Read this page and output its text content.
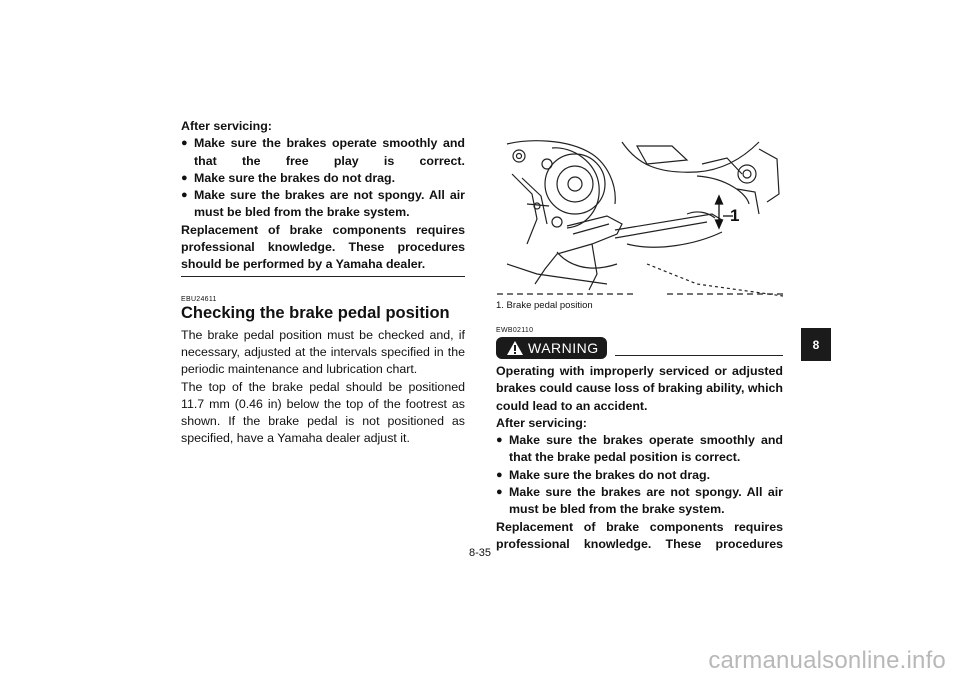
After servicing:

● Make sure the brakes operate smoothly and that the free play is correct.

● Make sure the brakes do not drag.

● Make sure the brakes are not spongy. All air must be bled from the brake system.

Replacement of brake components requires professional knowledge. These procedures should be performed by a Yamaha dealer.

EBU24611

Checking the brake pedal position

The brake pedal position must be checked and, if necessary, adjusted at the intervals specified in the periodic maintenance and lubrication chart.

The top of the brake pedal should be positioned 11.7 mm (0.46 in) below the top of the footrest as shown. If the brake pedal is not positioned as specified, have a Yamaha dealer adjust it.

1

1. Brake pedal position

EWB02110

WARNING

Operating with improperly serviced or adjusted brakes could cause loss of braking ability, which could lead to an accident.

After servicing:

● Make sure the brakes operate smoothly and that the brake pedal position is correct.

● Make sure the brakes do not drag.

● Make sure the brakes are not spongy. All air must be bled from the brake system.

Replacement of brake components requires professional knowledge. These procedures

8
8-35
carmanualsonline.info
